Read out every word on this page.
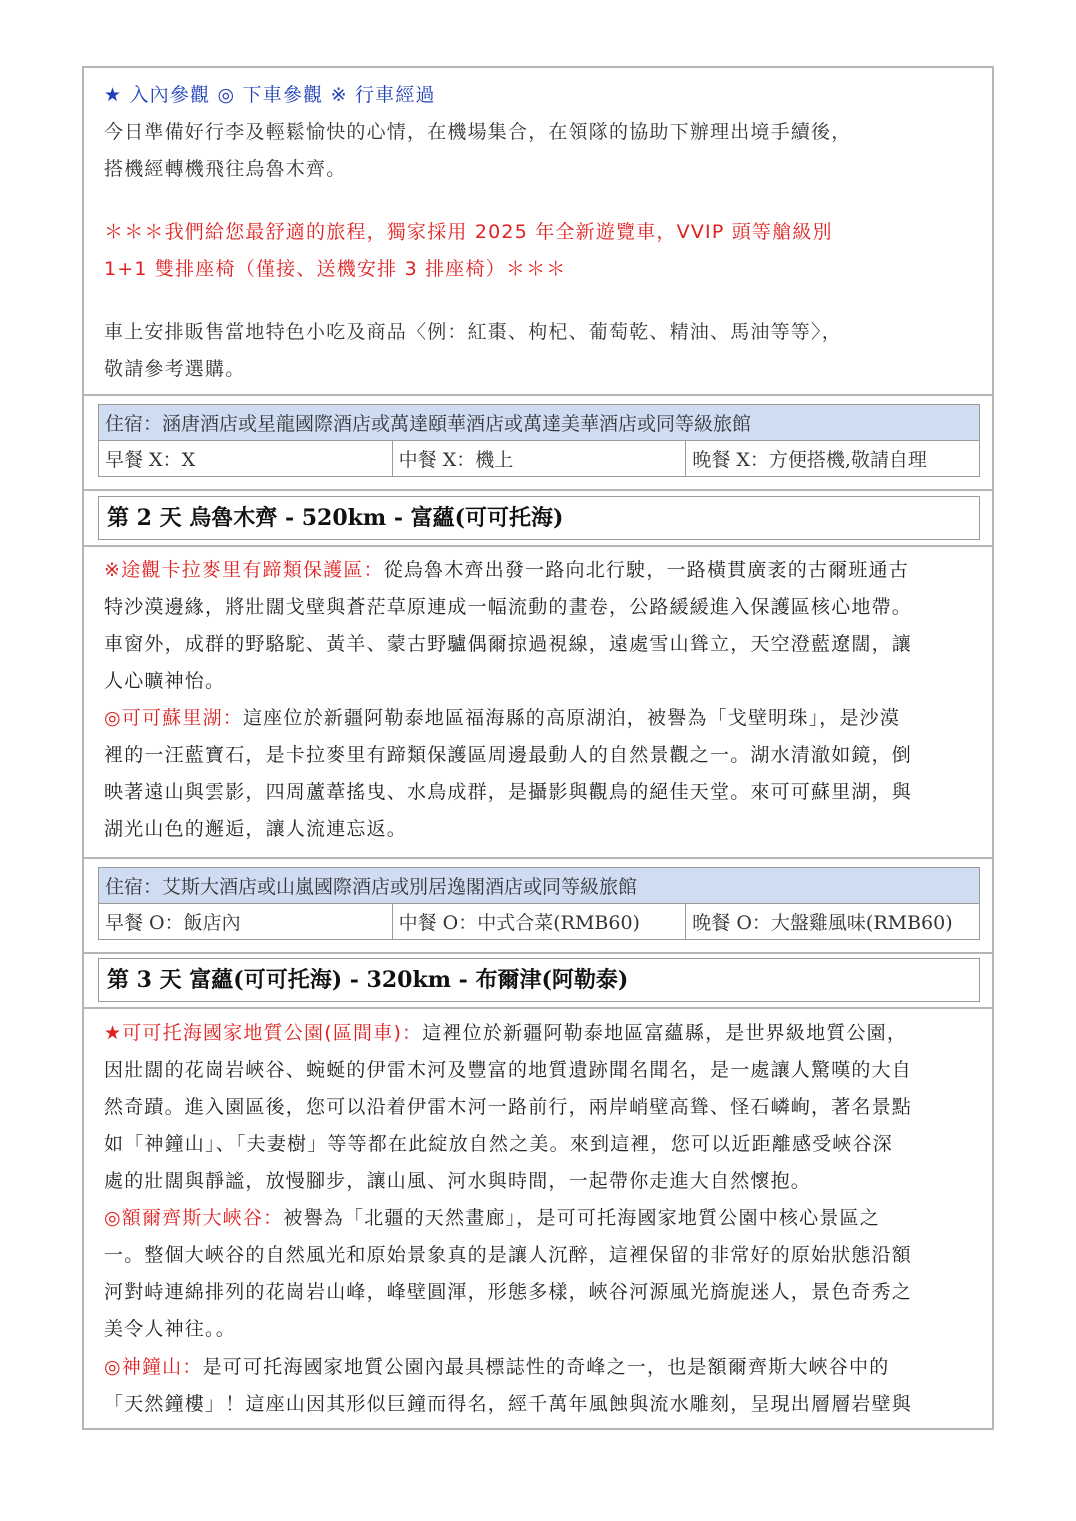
★ 入內參觀 ◎ 下車參觀 ※ 行車經過
今日準備好行李及輕鬆愉快的心情，在機場集合，在領隊的協助下辦理出境手續後，
搭機經轉機飛往烏魯木齊。
＊＊＊我們給您最舒適的旅程，獨家採用 2025 年全新遊覽車，VVIP 頭等艙級別
1+1 雙排座椅（僅接、送機安排 3 排座椅）＊＊＊
車上安排販售當地特色小吃及商品〈例：紅棗、枸杞、葡萄乾、精油、馬油等等〉，
敬請參考選購。
住宿：涵唐酒店或星龍國際酒店或萬達頤華酒店或萬達美華酒店或同等級旅館
早餐 X：X	中餐 X：機上	晚餐 X：方便搭機,敬請自理
第 2 天 烏魯木齊 - 520km - 富蘊(可可托海)
※途觀卡拉麥里有蹄類保護區：從烏魯木齊出發一路向北行駛，一路橫貫廣袤的古爾班通古
特沙漠邊緣，將壯闊戈壁與蒼茫草原連成一幅流動的畫卷，公路緩緩進入保護區核心地帶。
車窗外，成群的野駱駝、黃羊、蒙古野驢偶爾掠過視線，遠處雪山聳立，天空澄藍遼闊，讓
人心曠神怡。
◎可可蘇里湖：這座位於新疆阿勒泰地區福海縣的高原湖泊，被譽為「戈壁明珠」，是沙漠
裡的一汪藍寶石，是卡拉麥里有蹄類保護區周邊最動人的自然景觀之一。湖水清澈如鏡，倒
映著遠山與雲影，四周蘆葦搖曳、水鳥成群，是攝影與觀鳥的絕佳天堂。來可可蘇里湖，與
湖光山色的邂逅，讓人流連忘返。
住宿：艾斯大酒店或山嵐國際酒店或別居逸閣酒店或同等級旅館
早餐 O：飯店內	中餐 O：中式合菜(RMB60)	晚餐 O：大盤雞風味(RMB60)
第 3 天 富蘊(可可托海) - 320km - 布爾津(阿勒泰)
★可可托海國家地質公園(區間車)：這裡位於新疆阿勒泰地區富蘊縣，是世界級地質公園，
因壯闊的花崗岩峽谷、蜿蜒的伊雷木河及豐富的地質遺跡聞名聞名，是一處讓人驚嘆的大自
然奇蹟。進入園區後，您可以沿着伊雷木河一路前行，兩岸峭壁高聳、怪石嶙峋，著名景點
如「神鐘山」、「夫妻樹」等等都在此綻放自然之美。來到這裡，您可以近距離感受峽谷深
處的壯闊與靜謐，放慢腳步，讓山風、河水與時間，一起帶你走進大自然懷抱。
◎額爾齊斯大峽谷：被譽為「北疆的天然畫廊」，是可可托海國家地質公園中核心景區之
一。整個大峽谷的自然風光和原始景象真的是讓人沉醉，這裡保留的非常好的原始狀態沿額
河對峙連綿排列的花崗岩山峰，峰壁圓渾，形態多樣，峽谷河源風光旖旎迷人，景色奇秀之
美令人神往。。
◎神鐘山：是可可托海國家地質公園內最具標誌性的奇峰之一，也是額爾齊斯大峽谷中的
「天然鐘樓」！這座山因其形似巨鐘而得名，經千萬年風蝕與流水雕刻，呈現出層層岩壁與
